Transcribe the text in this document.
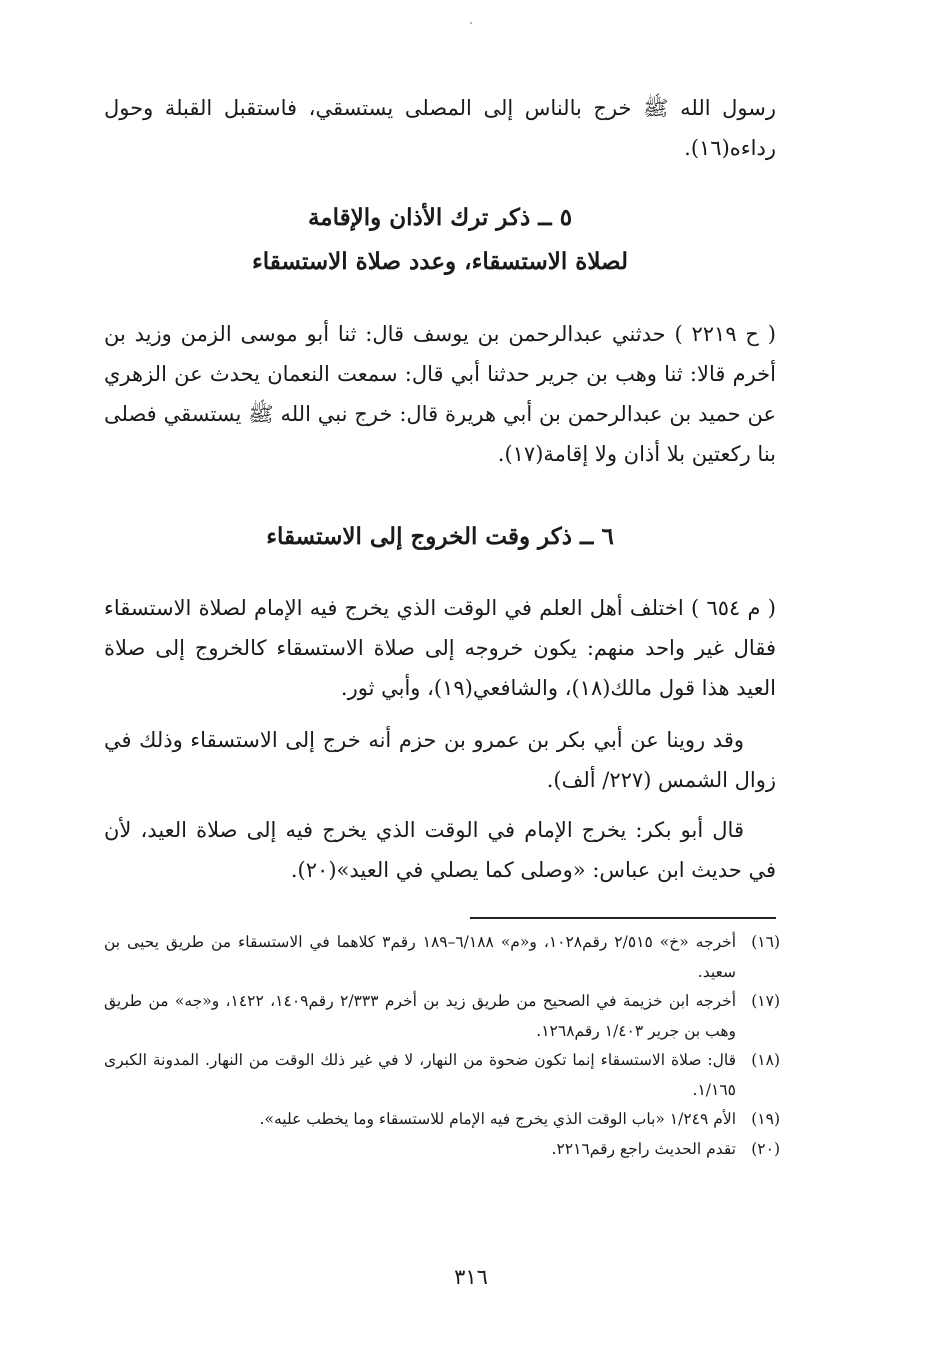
رسول الله ﷺ خرج بالناس إلى المصلى يستسقي، فاستقبل القبلة وحول رداءه(١٦).

٥ ــ ذكر ترك الأذان والإقامة
لصلاة الاستسقاء، وعدد صلاة الاستسقاء

( ح ٢٢١٩ ) حدثني عبدالرحمن بن يوسف قال: ثنا أبو موسى الزمن وزيد بن أخرم قالا: ثنا وهب بن جرير حدثنا أبي قال: سمعت النعمان يحدث عن الزهري عن حميد بن عبدالرحمن بن أبي هريرة قال: خرج نبي الله ﷺ يستسقي فصلى بنا ركعتين بلا أذان ولا إقامة(١٧).

٦ ــ ذكر وقت الخروج إلى الاستسقاء

( م ٦٥٤ ) اختلف أهل العلم في الوقت الذي يخرج فيه الإمام لصلاة الاستسقاء فقال غير واحد منهم: يكون خروجه إلى صلاة الاستسقاء كالخروج إلى صلاة العيد هذا قول مالك(١٨)، والشافعي(١٩)، وأبي ثور.

وقد روينا عن أبي بكر بن عمرو بن حزم أنه خرج إلى الاستسقاء وذلك في زوال الشمس (٢٢٧/ ألف).

قال أبو بكر: يخرج الإمام في الوقت الذي يخرج فيه إلى صلاة العيد، لأن في حديث ابن عباس: «وصلى كما يصلي في العيد»(٢٠).

(١٦)
أخرجه «خ» ٢/٥١٥ رقم١٠٢٨، و«م» ٦/١٨٨–١٨٩ رقم٣ كلاهما في الاستسقاء من طريق يحيى بن سعيد.
(١٧)
أخرجه ابن خزيمة في الصحيح من طريق زيد بن أخرم ٢/٣٣٣ رقم١٤٠٩، ١٤٢٢، و«جه» من طريق وهب بن جرير ١/٤٠٣ رقم١٢٦٨.
(١٨)
قال: صلاة الاستسقاء إنما تكون ضحوة من النهار، لا في غير ذلك الوقت من النهار. المدونة الكبرى ١/١٦٥.
(١٩)
الأم ١/٢٤٩ «باب الوقت الذي يخرج فيه الإمام للاستسقاء وما يخطب عليه».
(٢٠)
تقدم الحديث راجع رقم٢٢١٦.
٣١٦
